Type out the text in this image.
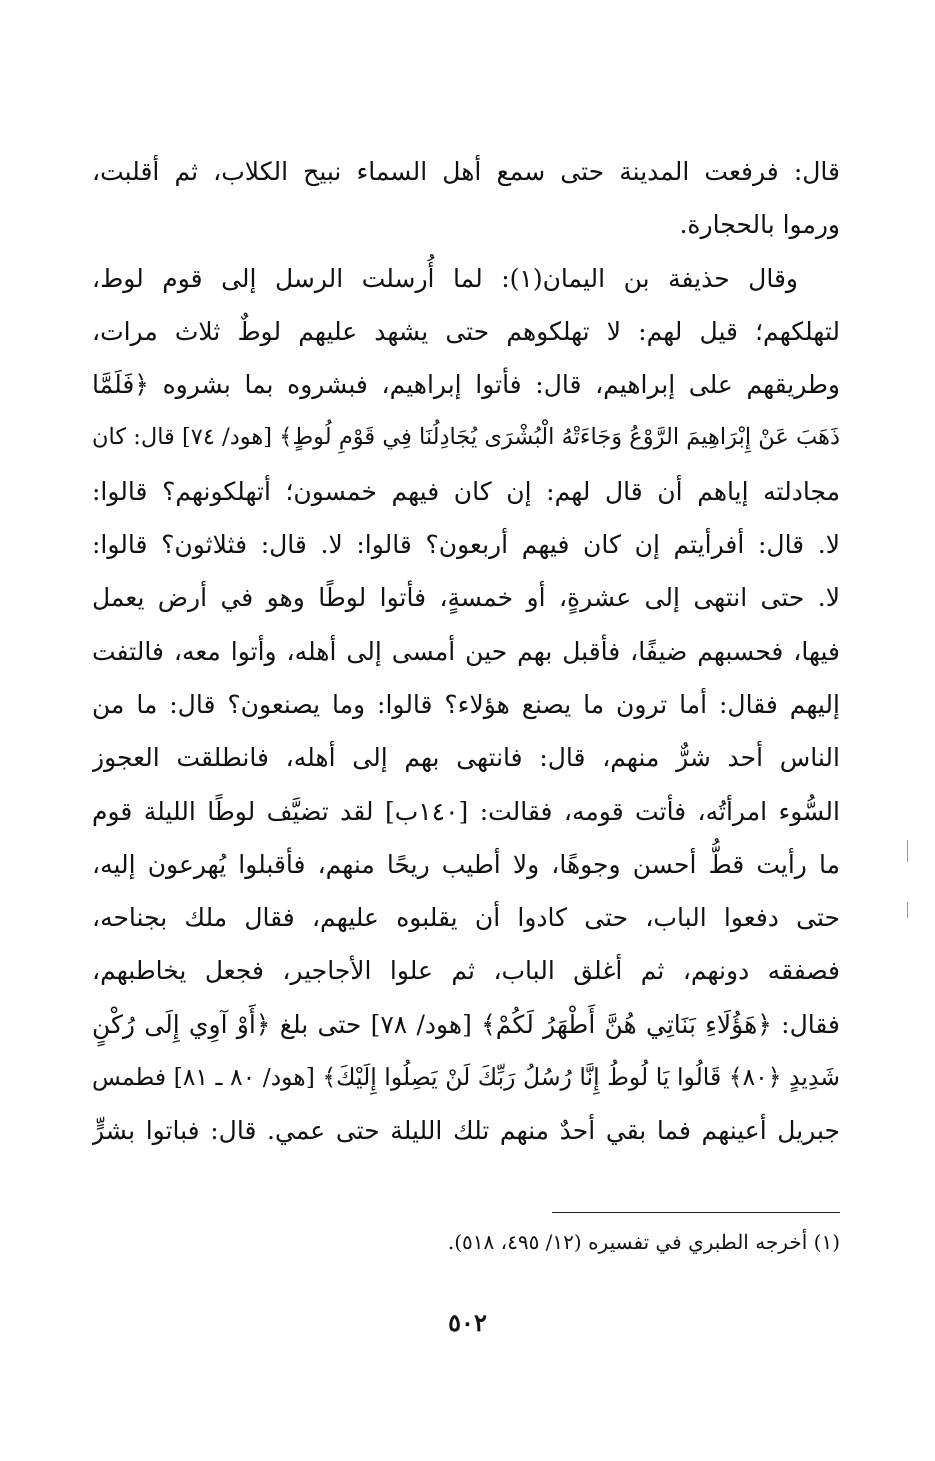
قال: فرفعت المدينة حتى سمع أهل السماء نبيح الكلاب، ثم أقلبت،
ورموا بالحجارة.
وقال حذيفة بن اليمان(١): لما أُرسلت الرسل إلى قوم لوط،
لتهلكهم؛ قيل لهم: لا تهلكوهم حتى يشهد عليهم لوطٌ ثلاث مرات،
وطريقهم على إبراهيم، قال: فأتوا إبراهيم، فبشروه بما بشروه ﴿فَلَمَّا
ذَهَبَ عَنْ إِبْرَاهِيمَ الرَّوْعُ وَجَاءَتْهُ الْبُشْرَى يُجَادِلُنَا فِي قَوْمِ لُوطٍ﴾ [هود/ ٧٤] قال: كان
مجادلته إياهم أن قال لهم: إن كان فيهم خمسون؛ أتهلكونهم؟ قالوا:
لا. قال: أفرأيتم إن كان فيهم أربعون؟ قالوا: لا. قال: فثلاثون؟ قالوا:
لا. حتى انتهى إلى عشرةٍ، أو خمسةٍ، فأتوا لوطًا وهو في أرض يعمل
فيها، فحسبهم ضيفًا، فأقبل بهم حين أمسى إلى أهله، وأتوا معه، فالتفت
إليهم فقال: أما ترون ما يصنع هؤلاء؟ قالوا: وما يصنعون؟ قال: ما من
الناس أحد شرٌّ منهم، قال: فانتهى بهم إلى أهله، فانطلقت العجوز
السُّوء امرأتُه، فأتت قومه، فقالت: [١٤٠ب] لقد تضيَّف لوطًا الليلة قوم
ما رأيت قطُّ أحسن وجوهًا، ولا أطيب ريحًا منهم، فأقبلوا يُهرعون إليه،
حتى دفعوا الباب، حتى كادوا أن يقلبوه عليهم، فقال ملك بجناحه،
فصفقه دونهم، ثم أغلق الباب، ثم علوا الأجاجير، فجعل يخاطبهم،
فقال: ﴿هَؤُلَاءِ بَنَاتِي هُنَّ أَطْهَرُ لَكُمْ﴾ [هود/ ٧٨] حتى بلغ ﴿أَوْ آوِي إِلَى رُكْنٍ
شَدِيدٍ ﴿٨٠﴾ قَالُوا يَا لُوطُ إِنَّا رُسُلُ رَبِّكَ لَنْ يَصِلُوا إِلَيْكَ﴾ [هود/ ٨٠ ـ ٨١] فطمس
جبريل أعينهم فما بقي أحدٌ منهم تلك الليلة حتى عمي. قال: فباتوا بشرٍّ
(١) أخرجه الطبري في تفسيره (١٢/ ٤٩٥، ٥١٨).
٥٠٢
